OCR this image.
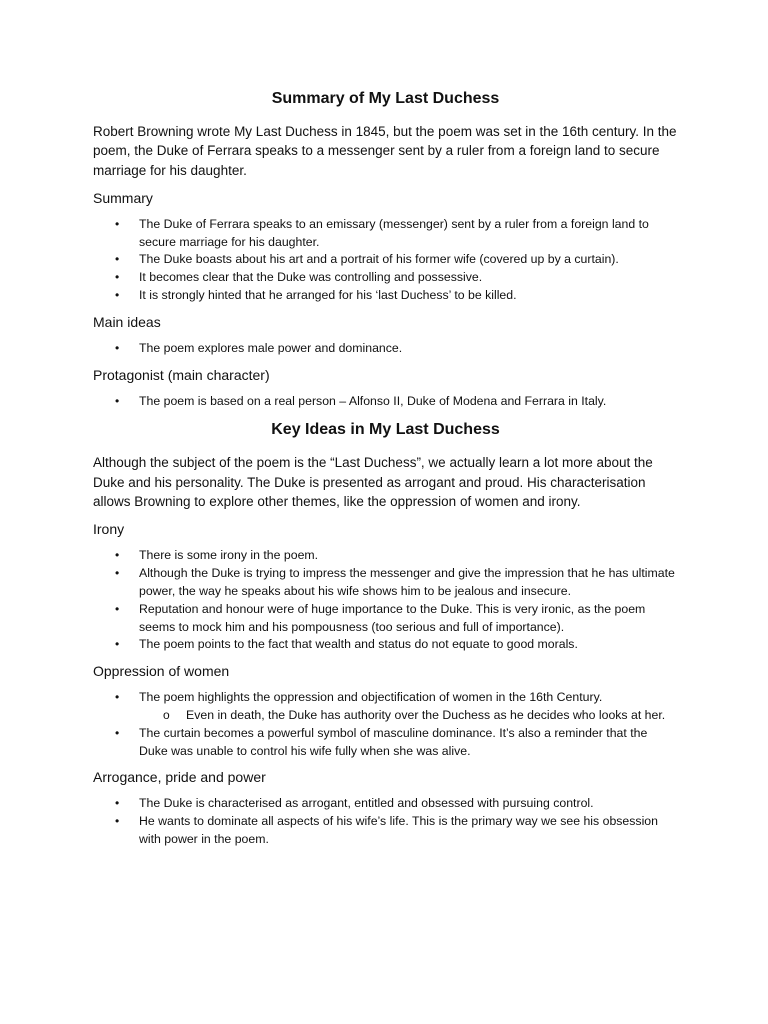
Summary of My Last Duchess

Robert Browning wrote My Last Duchess in 1845, but the poem was set in the 16th century. In the poem, the Duke of Ferrara speaks to a messenger sent by a ruler from a foreign land to secure marriage for his daughter.

Summary
• The Duke of Ferrara speaks to an emissary (messenger) sent by a ruler from a foreign land to secure marriage for his daughter.
• The Duke boasts about his art and a portrait of his former wife (covered up by a curtain).
• It becomes clear that the Duke was controlling and possessive.
• It is strongly hinted that he arranged for his ‘last Duchess’ to be killed.
Main ideas
• The poem explores male power and dominance.
Protagonist (main character)
• The poem is based on a real person – Alfonso II, Duke of Modena and Ferrara in Italy.
Key Ideas in My Last Duchess

Although the subject of the poem is the “Last Duchess”, we actually learn a lot more about the Duke and his personality. The Duke is presented as arrogant and proud. His characterisation allows Browning to explore other themes, like the oppression of women and irony.

Irony
• There is some irony in the poem.
• Although the Duke is trying to impress the messenger and give the impression that he has ultimate power, the way he speaks about his wife shows him to be jealous and insecure.
• Reputation and honour were of huge importance to the Duke. This is very ironic, as the poem seems to mock him and his pompousness (too serious and full of importance).
• The poem points to the fact that wealth and status do not equate to good morals.
Oppression of women
• The poem highlights the oppression and objectification of women in the 16th Century.
o Even in death, the Duke has authority over the Duchess as he decides who looks at her.
• The curtain becomes a powerful symbol of masculine dominance. It’s also a reminder that the Duke was unable to control his wife fully when she was alive.
Arrogance, pride and power
• The Duke is characterised as arrogant, entitled and obsessed with pursuing control.
• He wants to dominate all aspects of his wife’s life. This is the primary way we see his obsession with power in the poem.
